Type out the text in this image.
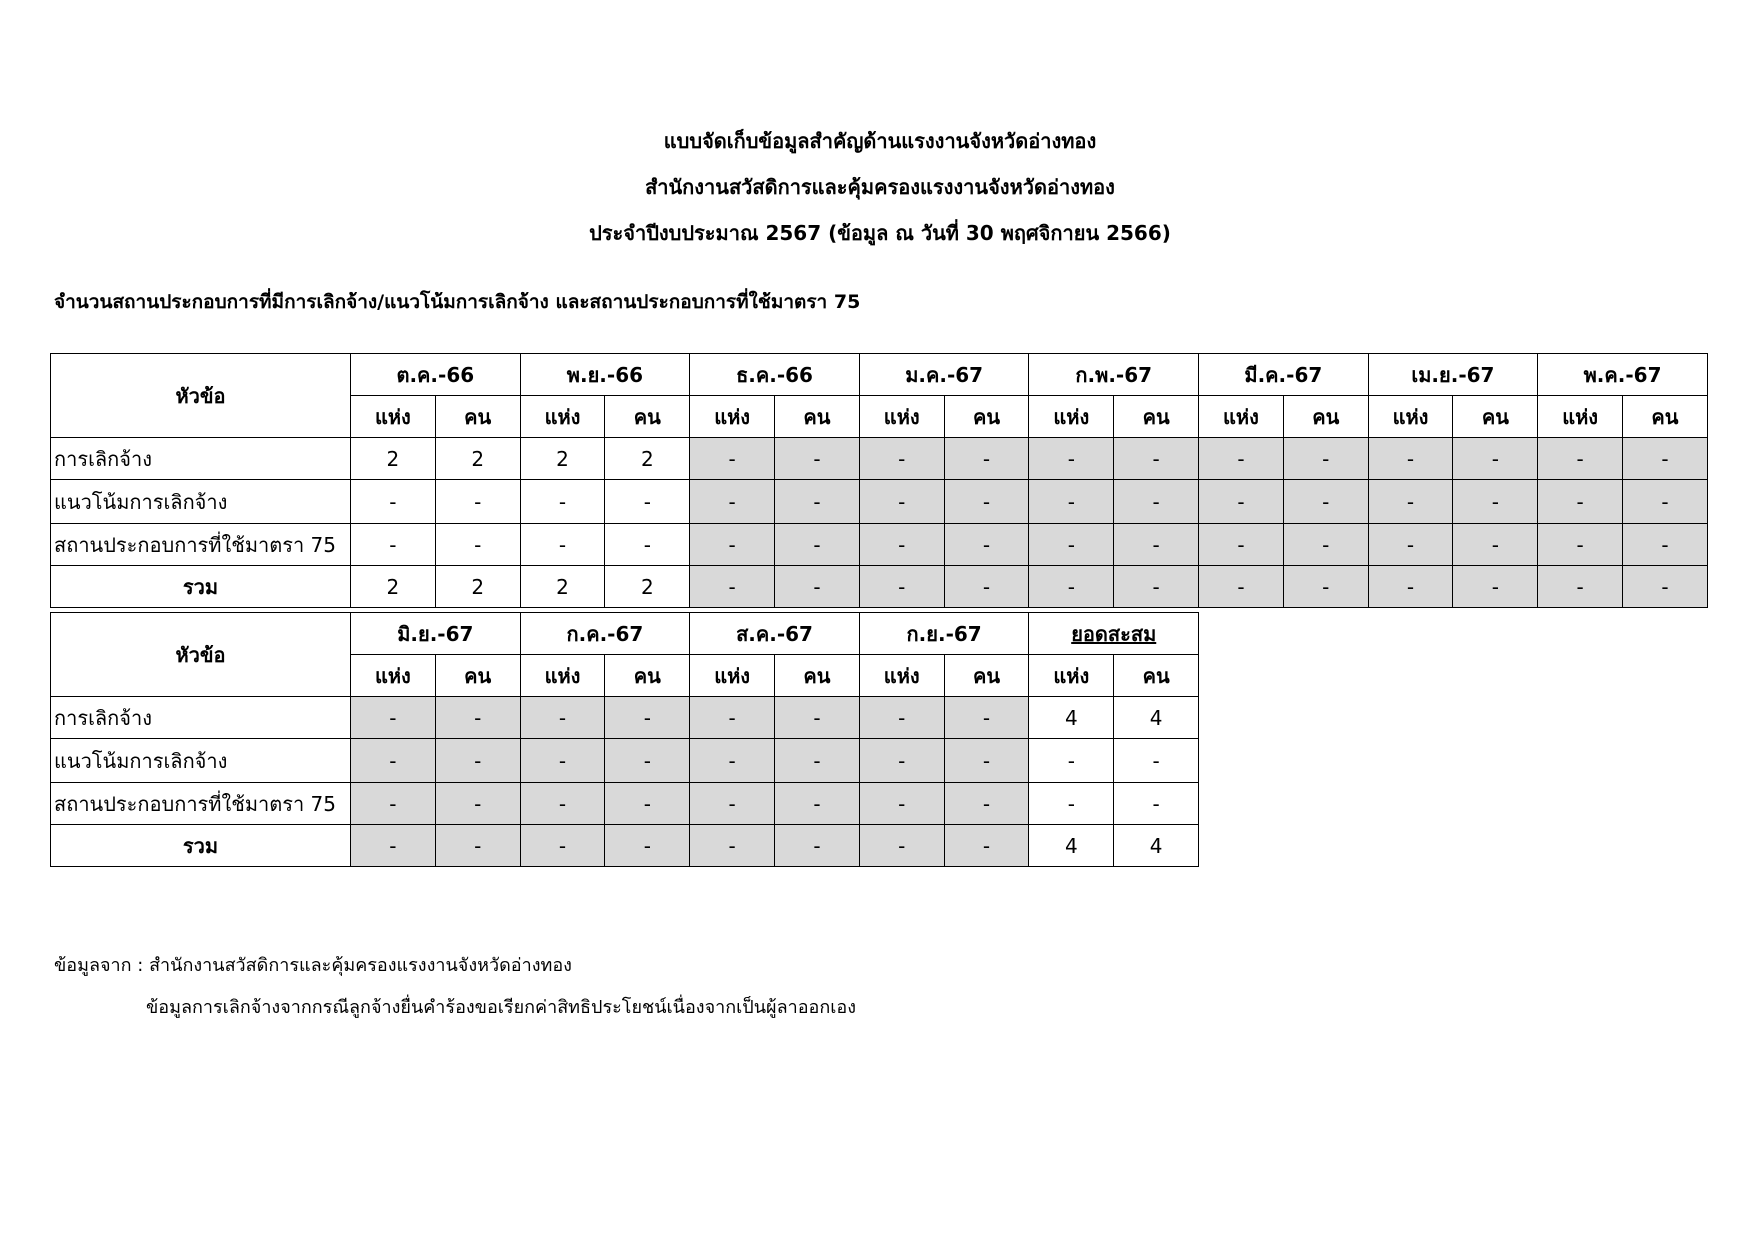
แบบจัดเก็บข้อมูลสำคัญด้านแรงงานจังหวัดอ่างทอง
สำนักงานสวัสดิการและคุ้มครองแรงงานจังหวัดอ่างทอง
ประจำปีงบประมาณ 2567 (ข้อมูล ณ วันที่ 30 พฤศจิกายน 2566)
จำนวนสถานประกอบการที่มีการเลิกจ้าง/แนวโน้มการเลิกจ้าง และสถานประกอบการที่ใช้มาตรา 75
หัวข้อ	ต.ค.-66		พ.ย.-66		ธ.ค.-66		ม.ค.-67		ก.พ.-67		มี.ค.-67		เม.ย.-67		พ.ค.-67	
	แห่ง	คน	แห่ง	คน	แห่ง	คน	แห่ง	คน	แห่ง	คน	แห่ง	คน	แห่ง	คน	แห่ง	คน
การเลิกจ้าง	2	2	2	2	-	-	-	-	-	-	-	-	-	-	-	-
แนวโน้มการเลิกจ้าง	-	-	-	-	-	-	-	-	-	-	-	-	-	-	-	-
สถานประกอบการที่ใช้มาตรา 75	-	-	-	-	-	-	-	-	-	-	-	-	-	-	-	-
รวม	2	2	2	2	-	-	-	-	-	-	-	-	-	-	-	-
หัวข้อ	มิ.ย.-67		ก.ค.-67		ส.ค.-67		ก.ย.-67		ยอดสะสม	
	แห่ง	คน	แห่ง	คน	แห่ง	คน	แห่ง	คน	แห่ง	คน
การเลิกจ้าง	-	-	-	-	-	-	-	-	4	4
แนวโน้มการเลิกจ้าง	-	-	-	-	-	-	-	-	-	-
สถานประกอบการที่ใช้มาตรา 75	-	-	-	-	-	-	-	-	-	-
รวม	-	-	-	-	-	-	-	-	4	4
ข้อมูลจาก : สำนักงานสวัสดิการและคุ้มครองแรงงานจังหวัดอ่างทอง
ข้อมูลการเลิกจ้างจากกรณีลูกจ้างยื่นคำร้องขอเรียกค่าสิทธิประโยชน์เนื่องจากเป็นผู้ลาออกเอง
